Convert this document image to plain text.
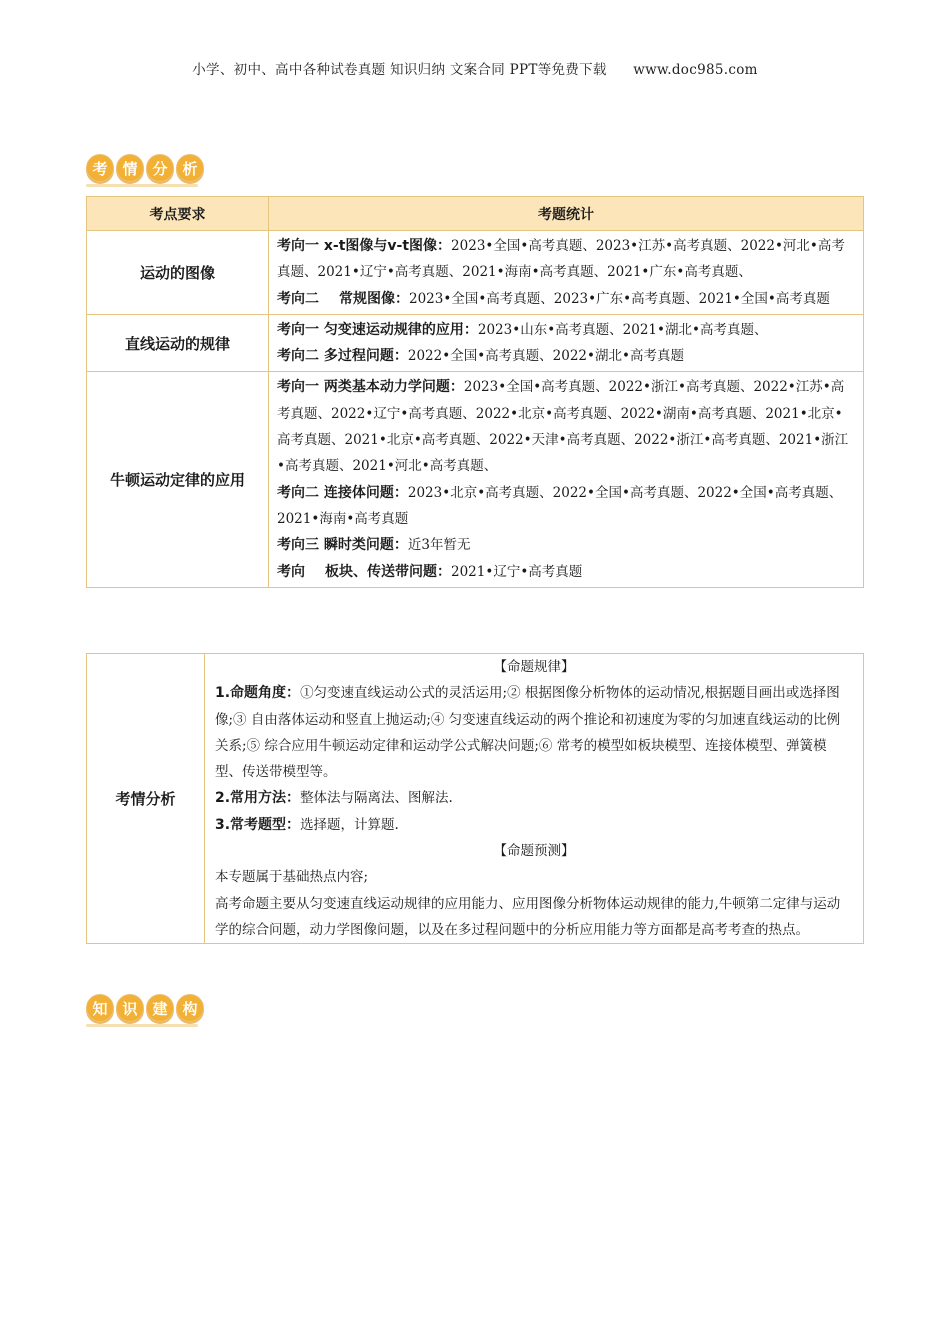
小学、初中、高中各种试卷真题 知识归纳 文案合同 PPT等免费下载 www.doc985.com
考 情 分 析
考点要求	考题统计
运动的图像	考向一 x-t图像与v-t图像：2023•全国•高考真题、2023•江苏•高考真题、2022•河北•高考真题、2021•辽宁•高考真题、2021•海南•高考真题、2021•广东•高考真题、
考向二 常规图像：2023•全国•高考真题、2023•广东•高考真题、2021•全国•高考真题

直线运动的规律	考向一 匀变速运动规律的应用：2023•山东•高考真题、2021•湖北•高考真题、
考向二 多过程问题：2022•全国•高考真题、2022•湖北•高考真题

牛顿运动定律的应用	考向一 两类基本动力学问题：2023•全国•高考真题、2022•浙江•高考真题、2022•江苏•高考真题、2022•辽宁•高考真题、2022•北京•高考真题、2022•湖南•高考真题、2021•北京•高考真题、2021•北京•高考真题、2022•天津•高考真题、2022•浙江•高考真题、2021•浙江•高考真题、2021•河北•高考真题、
考向二 连接体问题：2023•北京•高考真题、2022•全国•高考真题、2022•全国•高考真题、2021•海南•高考真题
考向三 瞬时类问题：近3年暂无
考向 板块、传送带问题：2021•辽宁•高考真题
考情分析	
【命题规律】
1.命题角度：①匀变速直线运动公式的灵活运用;② 根据图像分析物体的运动情况,根据题目画出或选择图像;③ 自由落体运动和竖直上抛运动;④ 匀变速直线运动的两个推论和初速度为零的匀加速直线运动的比例关系;⑤ 综合应用牛顿运动定律和运动学公式解决问题;⑥ 常考的模型如板块模型、连接体模型、弹簧模型、传送带模型等。
2.常用方法：整体法与隔离法、图解法.
3.常考题型：选择题，计算题.
【命题预测】
本专题属于基础热点内容;
高考命题主要从匀变速直线运动规律的应用能力、应用图像分析物体运动规律的能力,牛顿第二定律与运动学的综合问题，动力学图像问题，以及在多过程问题中的分析应用能力等方面都是高考考查的热点。
知 识 建 构
